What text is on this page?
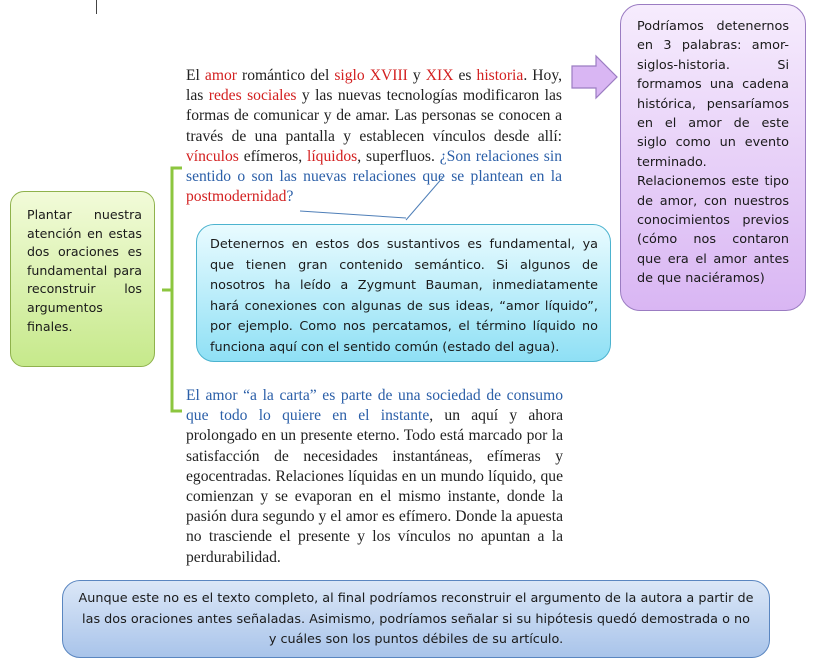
El amor romántico del siglo XVIII y XIX es historia. Hoy, las redes sociales y las nuevas tecnologías modificaron las formas de comunicar y de amar. Las personas se conocen a través de una pantalla y establecen vínculos desde allí: vínculos efímeros, líquidos, superfluos. ¿Son relaciones sin sentido o son las nuevas relaciones que se plantean en la postmodernidad?
El amor “a la carta” es parte de una sociedad de consumo que todo lo quiere en el instante, un aquí y ahora prolongado en un presente eterno. Todo está marcado por la satisfacción de necesidades instantáneas, efímeras y egocentradas. Relaciones líquidas en un mundo líquido, que comienzan y se evaporan en el mismo instante, donde la pasión dura segundo y el amor es efímero. Donde la apuesta no trasciende el presente y los vínculos no apuntan a la perdurabilidad.
Plantar nuestra atención en estas dos oraciones es fundamental para reconstruir los argumentos finales.

Podríamos detenernos en 3 palabras: amor-siglos-historia. Si formamos una cadena histórica, pensaríamos en el amor de este siglo como un evento terminado.

Relacionemos este tipo de amor, con nuestros conocimientos previos (cómo nos contaron que era el amor antes de que naciéramos)

Detenernos en estos dos sustantivos es fundamental, ya que tienen gran contenido semántico. Si algunos de nosotros ha leído a Zygmunt Bauman, inmediatamente hará conexiones con algunas de sus ideas, “amor líquido”, por ejemplo. Como nos percatamos, el término líquido no funciona aquí con el sentido común (estado del agua).
Aunque este no es el texto completo, al final podríamos reconstruir el argumento de la autora a partir de las dos oraciones antes señaladas. Asimismo, podríamos señalar si su hipótesis quedó demostrada o no y cuáles son los puntos débiles de su artículo.
